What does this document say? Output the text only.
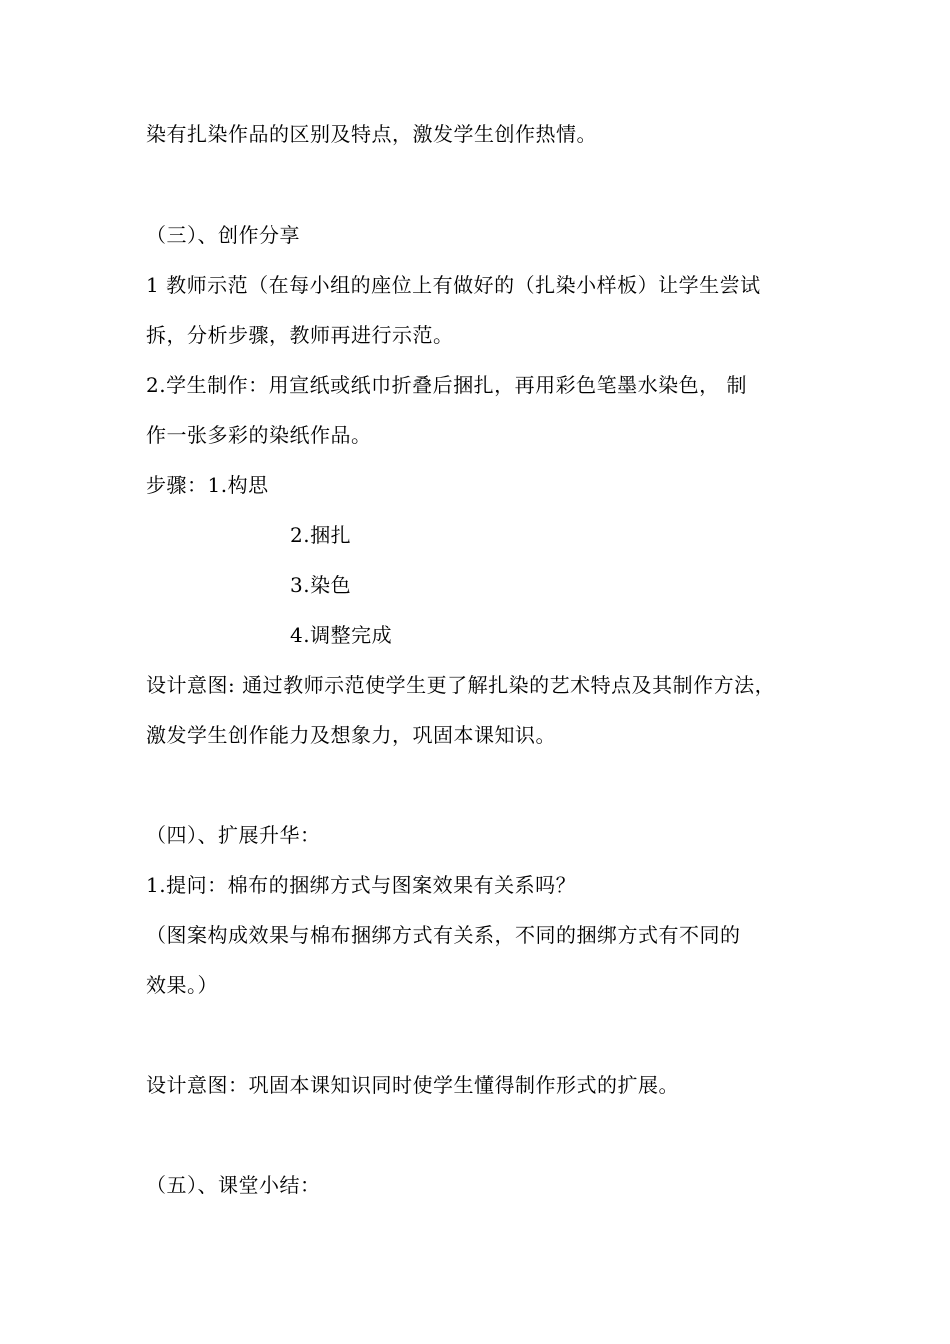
染有扎染作品的区别及特点，激发学生创作热情。
（三）、创作分享
1 教师示范（在每小组的座位上有做好的（扎染小样板）让学生尝试
拆，分析步骤，教师再进行示范。
2.学生制作：用宣纸或纸巾折叠后捆扎，再用彩色笔墨水染色， 制
作一张多彩的染纸作品。
步骤：1.构思
2.捆扎
3.染色
4.调整完成
设计意图: 通过教师示范使学生更了解扎染的艺术特点及其制作方法，
激发学生创作能力及想象力，巩固本课知识。
（四）、扩展升华：
1.提问：棉布的捆绑方式与图案效果有关系吗？
（图案构成效果与棉布捆绑方式有关系，不同的捆绑方式有不同的
效果。）
设计意图：巩固本课知识同时使学生懂得制作形式的扩展。
（五）、课堂小结：
